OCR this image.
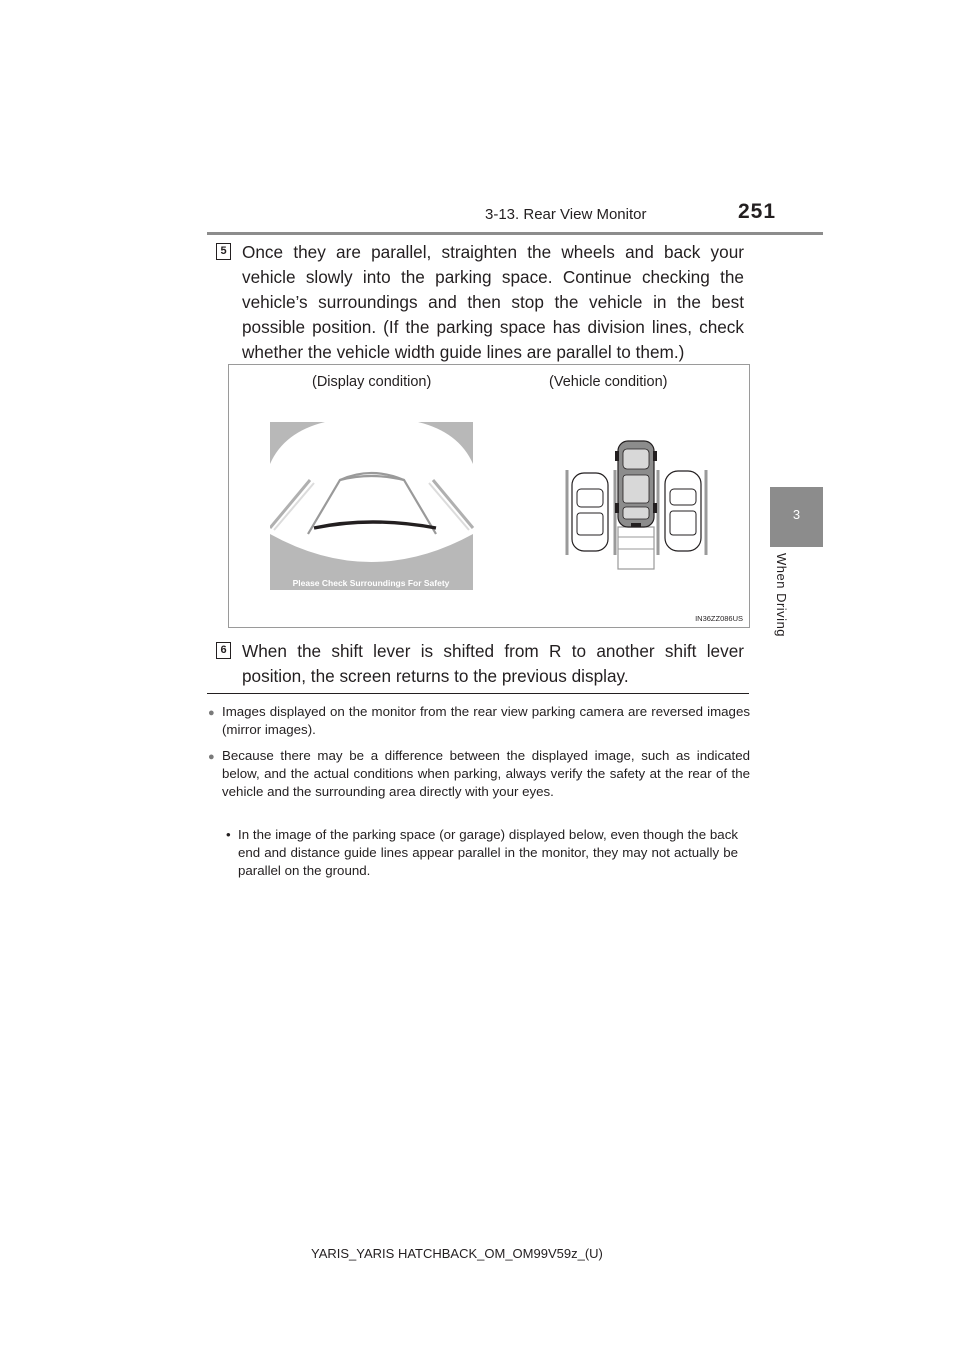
3-13. Rear View Monitor	251
3
When Driving
5 Once they are parallel, straighten the wheels and back your vehicle slowly into the parking space. Continue checking the vehicle’s surroundings and then stop the vehicle in the best possible position. (If the parking space has division lines, check whether the vehicle width guide lines are parallel to them.)
(Display condition)	(Vehicle condition)
Please Check Surroundings For Safety
IN36ZZ086US
6 When the shift lever is shifted from R to another shift lever position, the screen returns to the previous display.
● Images displayed on the monitor from the rear view parking camera are reversed images (mirror images).
● Because there may be a difference between the displayed image, such as indicated below, and the actual conditions when parking, always verify the safety at the rear of the vehicle and the surrounding area directly with your eyes.
• In the image of the parking space (or garage) displayed below, even though the back end and distance guide lines appear parallel in the monitor, they may not actually be parallel on the ground.
YARIS_YARIS HATCHBACK_OM_OM99V59z_(U)
